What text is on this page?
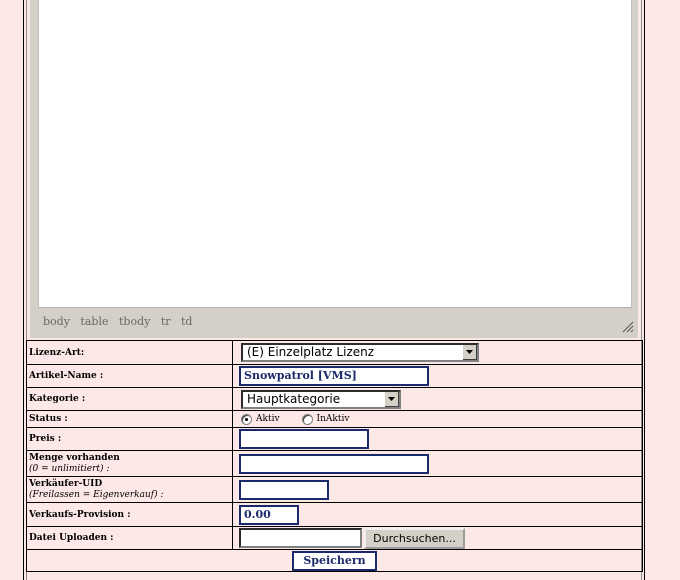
body table tbody tr td
Lizenz-Art:	(E) Einzelplatz Lizenz

Artikel-Name :	Snowpatrol [VMS]

Kategorie :	Hauptkategorie

Status :	Aktiv InAktiv

Preis :	

Menge vorhanden
(0 = unlimitiert) :	

Verkäufer-UID
(Freilassen = Eigenverkauf) :	

Verkaufs-Provision :	0.00

Datei Uploaden :	Durchsuchen...

Speichern	
